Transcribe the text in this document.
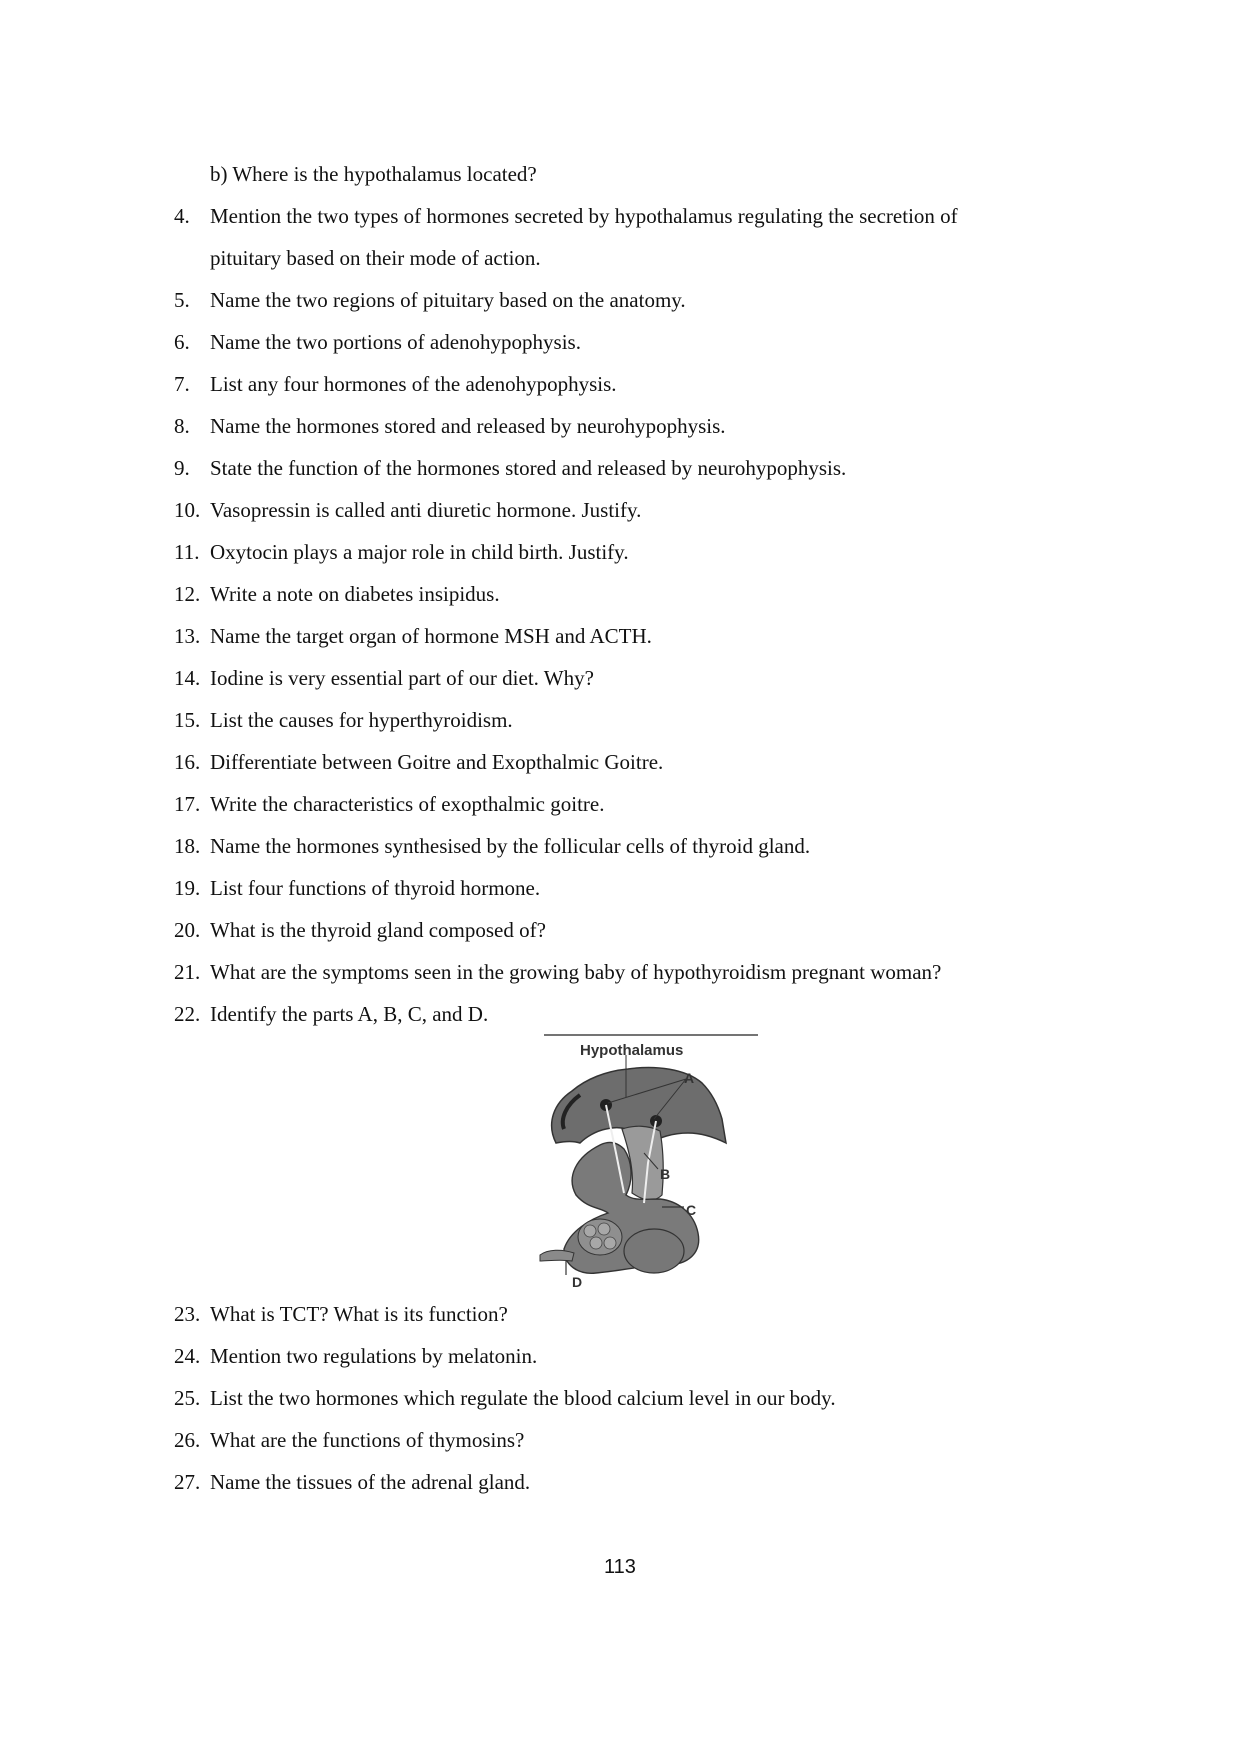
b) Where is the hypothalamus located?
4. Mention the two types of hormones secreted by hypothalamus regulating the secretion of
pituitary based on their mode of action.
5. Name the two regions of pituitary based on the anatomy.
6. Name the two portions of adenohypophysis.
7. List any four hormones of the adenohypophysis.
8. Name the hormones stored and released by neurohypophysis.
9. State the function of the hormones stored and released by neurohypophysis.
10. Vasopressin is called anti diuretic hormone. Justify.
11. Oxytocin plays a major role in child birth. Justify.
12. Write a note on diabetes insipidus.
13. Name the target organ of hormone MSH and ACTH.
14. Iodine is very essential part of our diet. Why?
15. List the causes for hyperthyroidism.
16. Differentiate between Goitre and Exopthalmic Goitre.
17. Write the characteristics of exopthalmic goitre.
18. Name the hormones synthesised by the follicular cells of thyroid gland.
19. List four functions of thyroid hormone.
20. What is the thyroid gland composed of?
21. What are the symptoms seen in the growing baby of hypothyroidism pregnant woman?
22. Identify the parts A, B, C, and D.
Hypothalamus
A
B
C
D
23. What is TCT? What is its function?
24. Mention two regulations by melatonin.
25. List the two hormones which regulate the blood calcium level in our body.
26. What are the functions of thymosins?
27. Name the tissues of the adrenal gland.
113
